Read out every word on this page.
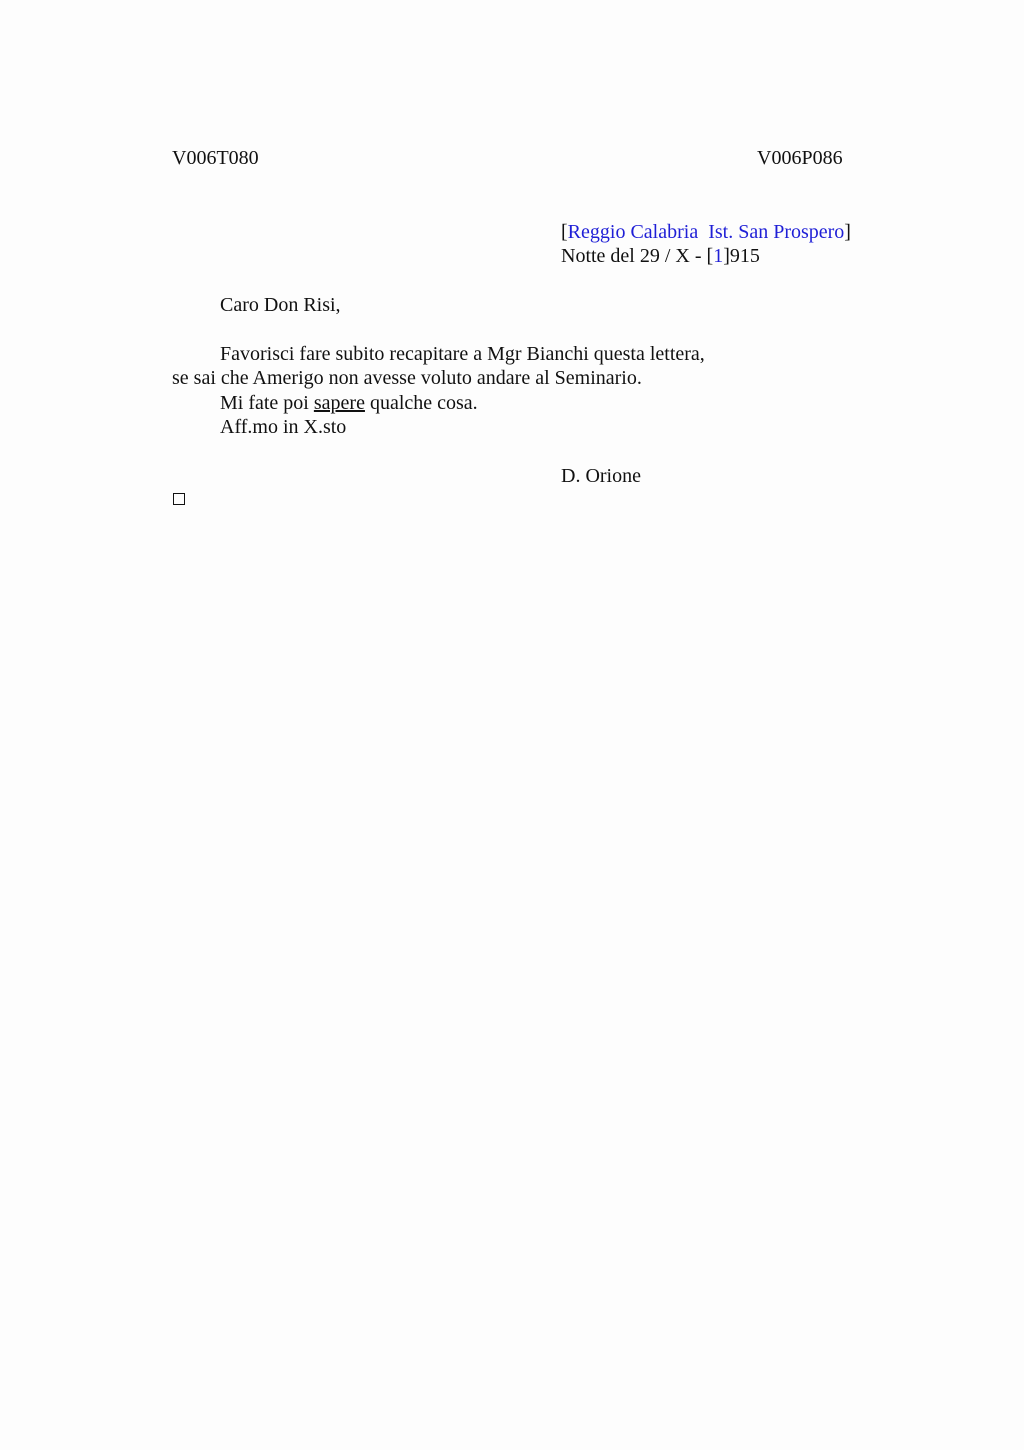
V006T080	V006P086
[Reggio Calabria  Ist. San Prospero]
Notte del 29 / X - [1]915
Caro Don Risi,
Favorisci fare subito recapitare a Mgr Bianchi questa lettera,
se sai che Amerigo non avesse voluto andare al Seminario.
Mi fate poi sapere qualche cosa.
Aff.mo in X.sto
D. Orione
